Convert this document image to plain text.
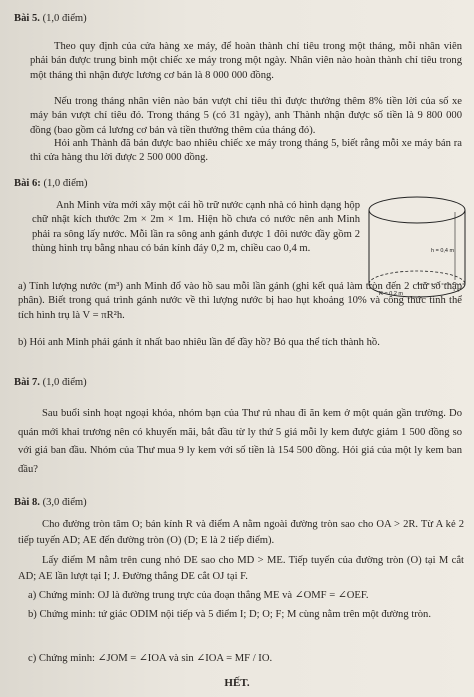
Bài 5. (1,0 điểm)

Theo quy định của cửa hàng xe máy, để hoàn thành chỉ tiêu trong một tháng, mỗi nhân viên phải bán được trung bình một chiếc xe máy trong một ngày. Nhân viên nào hoàn thành chỉ tiêu trong một tháng thì nhận được lương cơ bản là 8 000 000 đồng.

Nếu trong tháng nhân viên nào bán vượt chỉ tiêu thì được thưởng thêm 8% tiền lời của số xe máy bán vượt chỉ tiêu đó. Trong tháng 5 (có 31 ngày), anh Thành nhận được số tiền là 9 800 000 đồng (bao gồm cả lương cơ bản và tiền thưởng thêm của tháng đó).

Hỏi anh Thành đã bán được bao nhiêu chiếc xe máy trong tháng 5, biết rằng mỗi xe máy bán ra thì cửa hàng thu lời được 2 500 000 đồng.

Bài 6: (1,0 điểm)

Anh Minh vừa mới xây một cái hồ trữ nước cạnh nhà có hình dạng hộp chữ nhật kích thước 2m × 2m × 1m. Hiện hồ chưa có nước nên anh Minh phải ra sông lấy nước. Mỗi lần ra sông anh gánh được 1 đôi nước đầy gồm 2 thùng hình trụ bằng nhau có bán kính đáy 0,2 m, chiều cao 0,4 m.	h = 0,4 m
R = 0,2 m

a) Tính lượng nước (m³) anh Minh đổ vào hồ sau mỗi lần gánh (ghi kết quả làm tròn đến 2 chữ số thập phân). Biết trong quá trình gánh nước về thì lượng nước bị hao hụt khoảng 10% và công thức tính thể tích hình trụ là V = πR²h.

b) Hỏi anh Minh phải gánh ít nhất bao nhiêu lần để đầy hồ? Bỏ qua thể tích thành hồ.

Bài 7. (1,0 điểm)

Sau buổi sinh hoạt ngoại khóa, nhóm bạn của Thư rủ nhau đi ăn kem ở một quán gần trường. Do quán mới khai trương nên có khuyến mãi, bắt đầu từ ly thứ 5 giá mỗi ly kem được giảm 1 500 đồng so với giá ban đầu. Nhóm của Thư mua 9 ly kem với số tiền là 154 500 đồng. Hỏi giá của một ly kem ban đầu?

Bài 8. (3,0 điểm)

Cho đường tròn tâm O; bán kính R và điểm A nằm ngoài đường tròn sao cho OA > 2R. Từ A kẻ 2 tiếp tuyến AD; AE đến đường tròn (O) (D; E là 2 tiếp điểm).

Lấy điểm M nằm trên cung nhỏ DE sao cho MD > ME. Tiếp tuyến của đường tròn (O) tại M cắt AD; AE lần lượt tại I; J. Đường thẳng DE cắt OJ tại F.

a) Chứng minh: OJ là đường trung trực của đoạn thẳng ME và ∠OMF = ∠OEF.

b) Chứng minh: tứ giác ODIM nội tiếp và 5 điểm I; D; O; F; M cùng nằm trên một đường tròn.

c) Chứng minh: ∠JOM = ∠IOA và sin ∠IOA = MF / IO.

HẾT.
